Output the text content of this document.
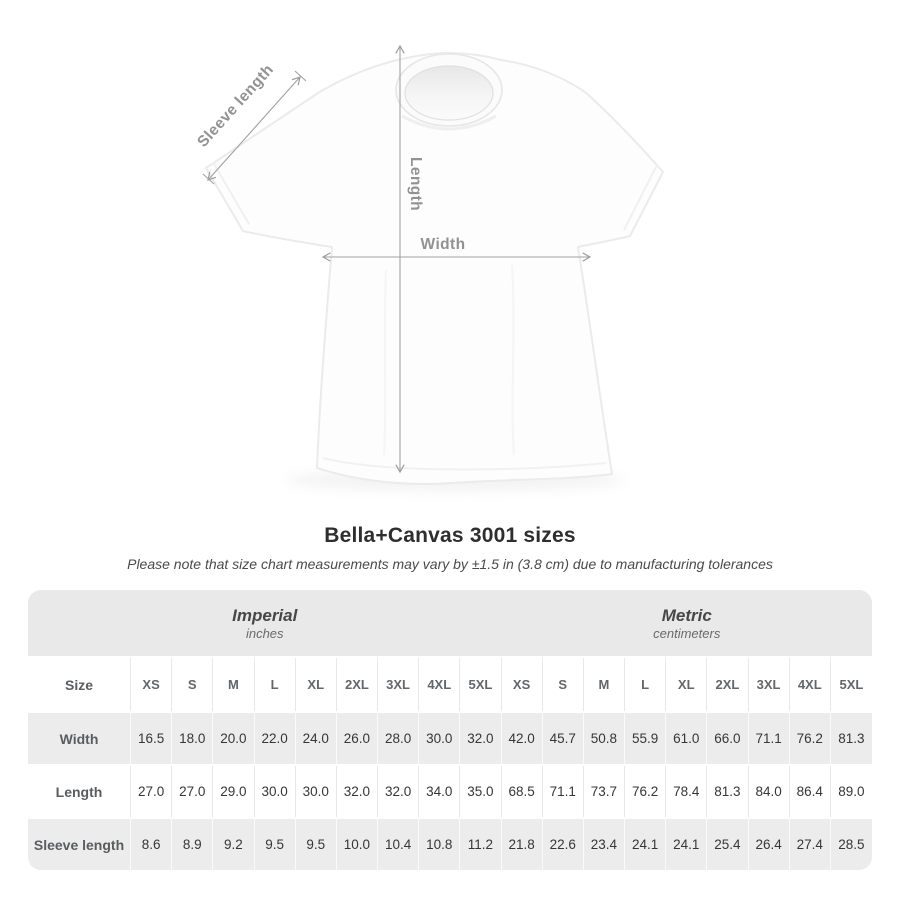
Length
Width
Sleeve length
Bella+Canvas 3001 sizes
Please note that size chart measurements may vary by ±1.5 in (3.8 cm) due to manufacturing tolerances
Imperial
inches
Metric
centimeters
Size	XS S M L XL 2XL 3XL 4XL 5XL XS S M L XL 2XL 3XL 4XL 5XL
Width	16.5 18.0 20.0 22.0 24.0 26.0 28.0 30.0 32.0 42.0 45.7 50.8 55.9 61.0 66.0 71.1 76.2 81.3
Length	27.0 27.0 29.0 30.0 30.0 32.0 32.0 34.0 35.0 68.5 71.1 73.7 76.2 78.4 81.3 84.0 86.4 89.0
Sleeve length 8.6 8.9 9.2 9.5 9.5 10.0 10.4 10.8 11.2 21.8 22.6 23.4 24.1 24.1 25.4 26.4 27.4 28.5
